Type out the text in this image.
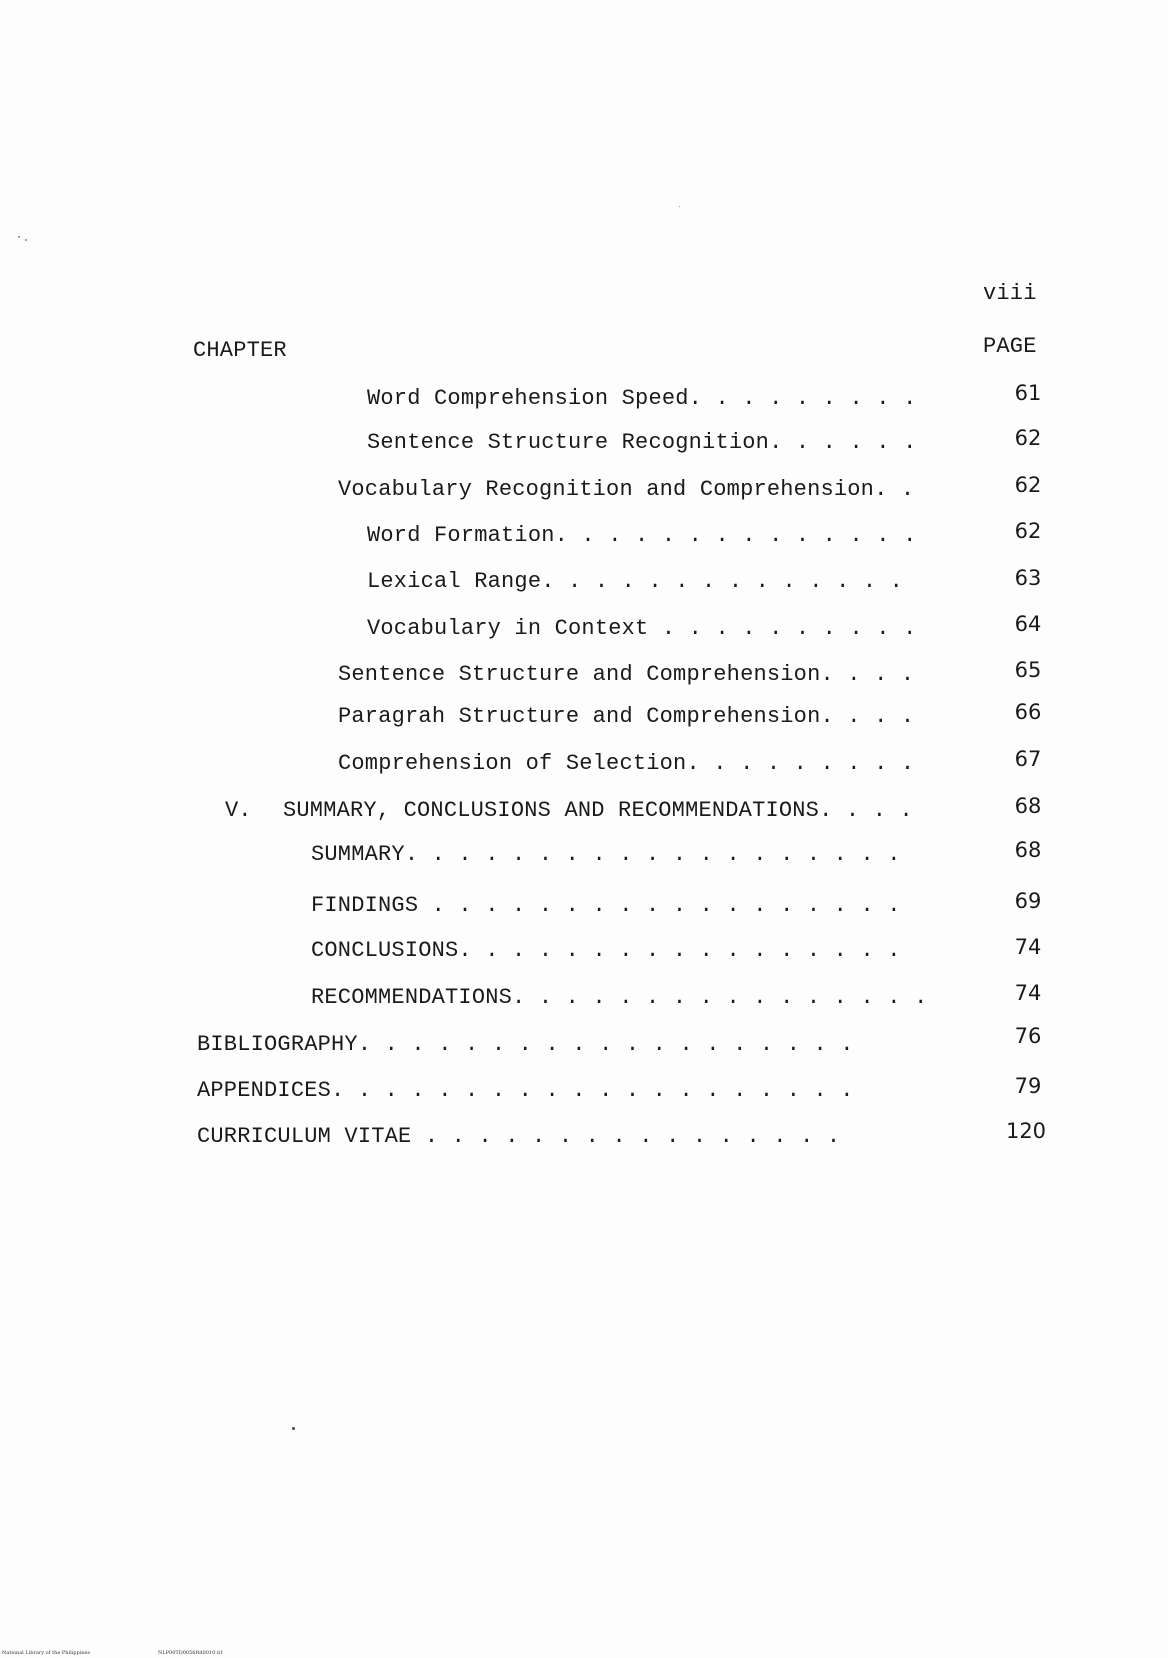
viii
CHAPTER	PAGE
Word Comprehension Speed. . . . . . . . .	61
Sentence Structure Recognition. . . . . .	62
Vocabulary Recognition and Comprehension. .	62
Word Formation. . . . . . . . . . . . . .	62
Lexical Range. . . . . . . . . . . . . .	63
Vocabulary in Context . . . . . . . . . .	64
Sentence Structure and Comprehension. . . .	65
Paragrah Structure and Comprehension. . . .	66
Comprehension of Selection. . . . . . . . .	67
V. SUMMARY, CONCLUSIONS AND RECOMMENDATIONS. . . .	68
SUMMARY. . . . . . . . . . . . . . . . . . .	68
FINDINGS . . . . . . . . . . . . . . . . . .	69
CONCLUSIONS. . . . . . . . . . . . . . . . .	74
RECOMMENDATIONS. . . . . . . . . . . . . . . .	74
BIBLIOGRAPHY. . . . . . . . . . . . . . . . . . .	76
APPENDICES. . . . . . . . . . . . . . . . . . . .	79
CURRICULUM VITAE . . . . . . . . . . . . . . . .	120
National Library of the Philippines	NLP00TD0056ftd0010.tif
